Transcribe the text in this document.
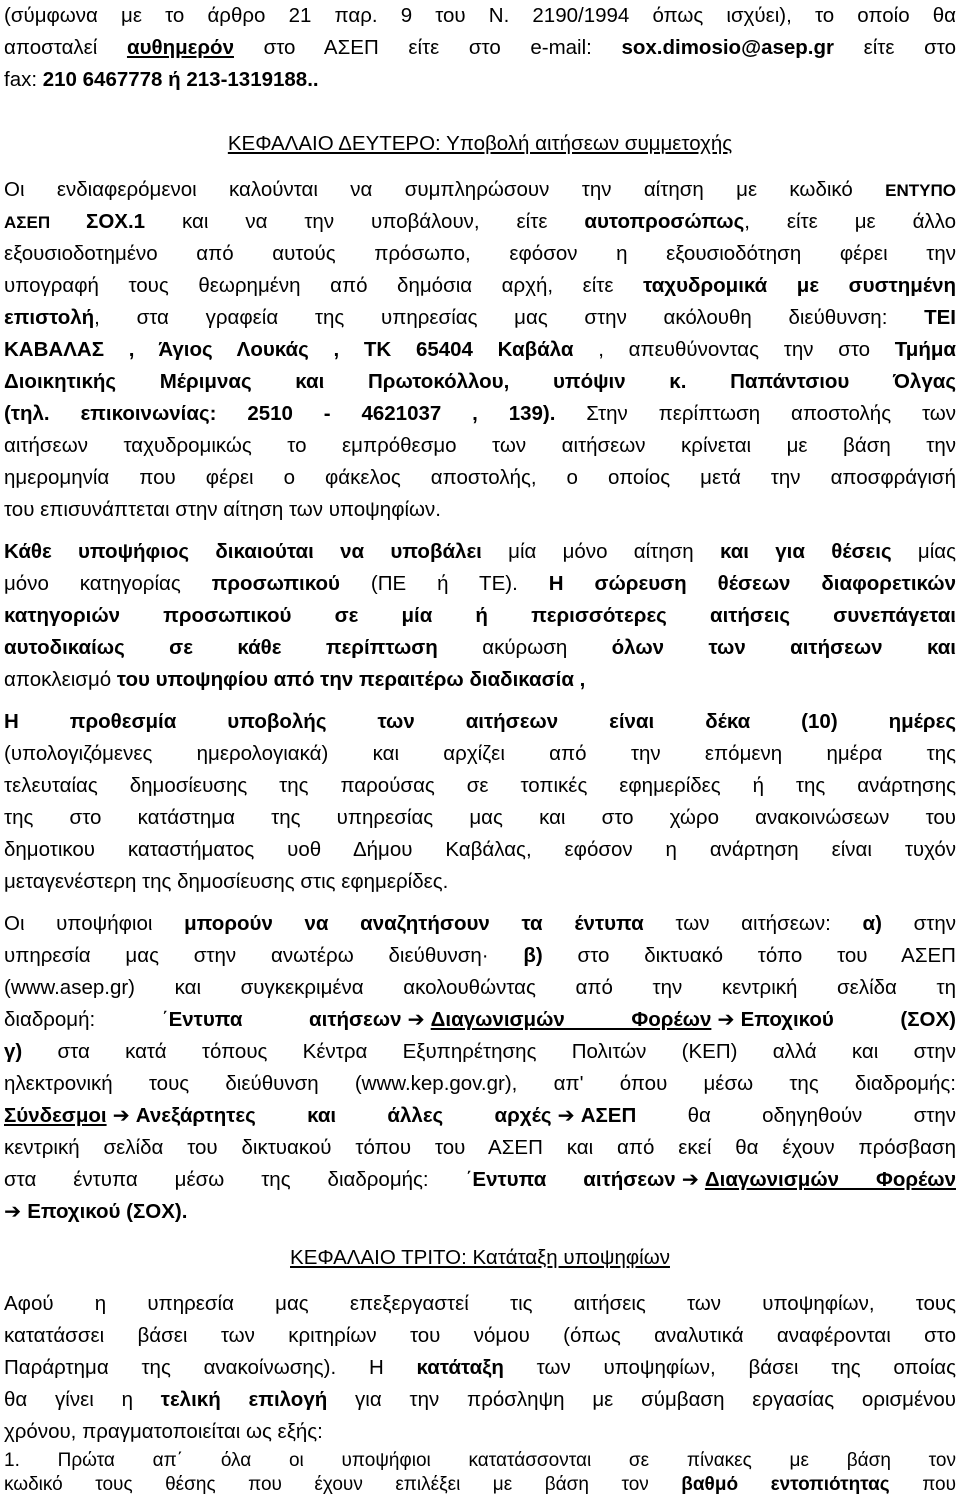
(σύμφωνα με το άρθρο 21 παρ. 9 του Ν. 2190/1994 όπως ισχύει), το οποίο θα
αποσταλεί αυθημερόν στο ΑΣΕΠ είτε στο e-mail: sox.dimosio@asep.gr είτε στο
fax: 210 6467778 ή 213-1319188..
ΚΕΦΑΛΑΙΟ ΔΕΥΤΕΡΟ: Υποβολή αιτήσεων συμμετοχής
Οι ενδιαφερόμενοι καλούνται να συμπληρώσουν την αίτηση με κωδικό ΕΝΤΥΠΟ
ΑΣΕΠ ΣΟΧ.1 και να την υποβάλουν, είτε αυτοπροσώπως, είτε με άλλο
εξουσιοδοτημένο από αυτούς πρόσωπο, εφόσον η εξουσιοδότηση φέρει την
υπογραφή τους θεωρημένη από δημόσια αρχή, είτε ταχυδρομικά με συστημένη
επιστολή, στα γραφεία της υπηρεσίας μας στην ακόλουθη διεύθυνση: ΤΕΙ
ΚΑΒΑΛΑΣ , Άγιος Λουκάς , ΤΚ 65404 Καβάλα , απευθύνοντας την στο Τμήμα
Διοικητικής Μέριμνας και Πρωτοκόλλου, υπόψιν κ. Παπάντσιου Όλγας
(τηλ. επικοινωνίας: 2510 - 4621037 , 139). Στην περίπτωση αποστολής των
αιτήσεων ταχυδρομικώς το εμπρόθεσμο των αιτήσεων κρίνεται με βάση την
ημερομηνία που φέρει ο φάκελος αποστολής, ο οποίος μετά την αποσφράγισή
του επισυνάπτεται στην αίτηση των υποψηφίων.
Κάθε υποψήφιος δικαιούται να υποβάλει μία μόνο αίτηση και για θέσεις μίας
μόνο κατηγορίας προσωπικού (ΠΕ ή ΤΕ). Η σώρευση θέσεων διαφορετικών
κατηγοριών προσωπικού σε μία ή περισσότερες αιτήσεις συνεπάγεται
αυτοδικαίως σε κάθε περίπτωση ακύρωση όλων των αιτήσεων και
αποκλεισμό του υποψηφίου από την περαιτέρω διαδικασία ,
Η προθεσμία υποβολής των αιτήσεων είναι δέκα (10) ημέρες
(υπολογιζόμενες ημερολογιακά) και αρχίζει από την επόμενη ημέρα της
τελευταίας δημοσίευσης της παρούσας σε τοπικές εφημερίδες ή της ανάρτησης
της στο κατάστημα της υπηρεσίας μας και στο χώρο ανακοινώσεων του
δημοτικου καταστήματος υοθ Δήμου Καβάλας, εφόσον η ανάρτηση είναι τυχόν
μεταγενέστερη της δημοσίευσης στις εφημερίδες.
Οι υποψήφιοι μπορούν να αναζητήσουν τα έντυπα των αιτήσεων: α) στην
υπηρεσία μας στην ανωτέρω διεύθυνση· β) στο δικτυακό τόπο του ΑΣΕΠ
(www.asep.gr) και συγκεκριμένα ακολουθώντας από την κεντρική σελίδα τη
διαδρομή: ΄Εντυπα αιτήσεων ➔ Διαγωνισμών Φορέων ➔ Εποχικού (ΣΟΧ)
γ) στα κατά τόπους Κέντρα Εξυπηρέτησης Πολιτών (ΚΕΠ) αλλά και στην
ηλεκτρονική τους διεύθυνση (www.kep.gov.gr), απ' όπου μέσω της διαδρομής:
Σύνδεσμοι ➔ Ανεξάρτητες και άλλες αρχές ➔ ΑΣΕΠ θα οδηγηθούν στην
κεντρική σελίδα του δικτυακού τόπου του ΑΣΕΠ και από εκεί θα έχουν πρόσβαση
στα έντυπα μέσω της διαδρομής: ΄Εντυπα αιτήσεων ➔ Διαγωνισμών Φορέων
➔ Εποχικού (ΣΟΧ).
ΚΕΦΑΛΑΙΟ ΤΡΙΤΟ: Κατάταξη υποψηφίων
Αφού η υπηρεσία μας επεξεργαστεί τις αιτήσεις των υποψηφίων, τους
κατατάσσει βάσει των κριτηρίων του νόμου (όπως αναλυτικά αναφέρονται στο
Παράρτημα της ανακοίνωσης). Η κατάταξη των υποψηφίων, βάσει της οποίας
θα γίνει η τελική επιλογή για την πρόσληψη με σύμβαση εργασίας ορισμένου
χρόνου, πραγματοποιείται ως εξής:
1. Πρώτα απ΄ όλα οι υποψήφιοι κατατάσσονται σε πίνακες με βάση τον
κωδικό τους θέσης που έχουν επιλέξει με βάση τον βαθμό εντοπιότητας που
